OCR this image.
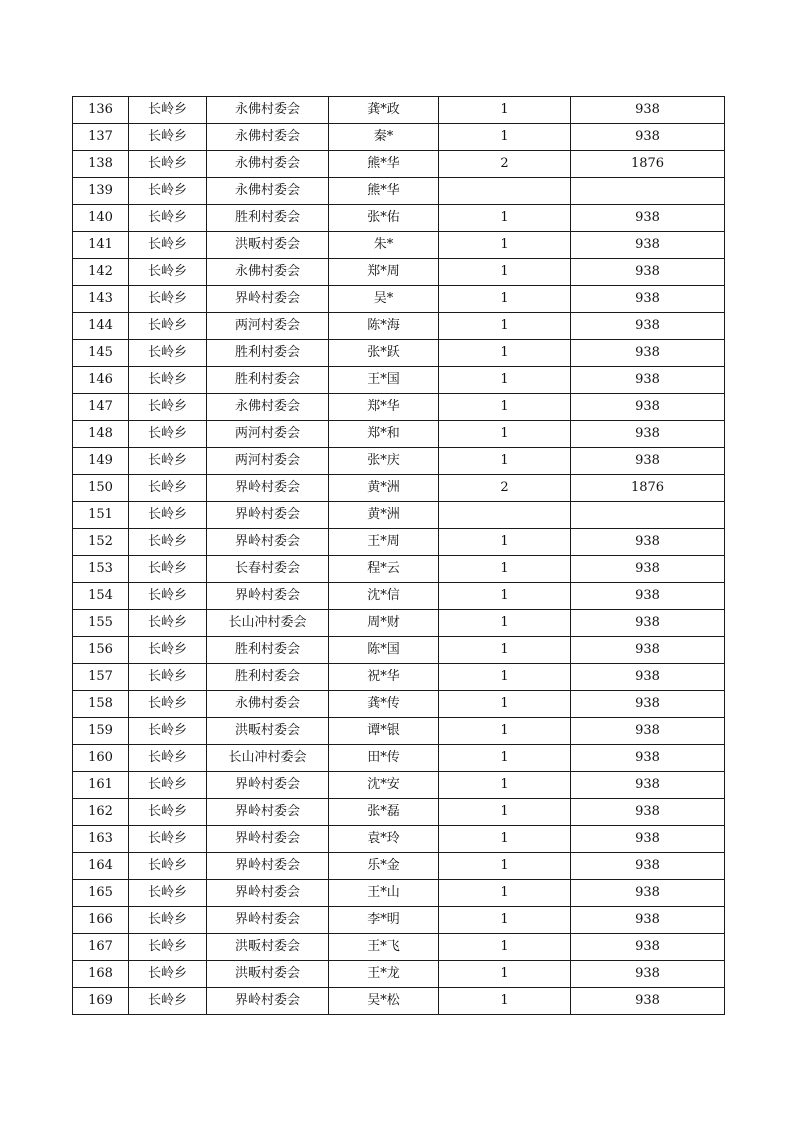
136	长岭乡	永佛村委会	龚*政	1	938
137	长岭乡	永佛村委会	秦*	1	938
138	长岭乡	永佛村委会	熊*华	2	1876
139	长岭乡	永佛村委会	熊*华		
140	长岭乡	胜利村委会	张*佑	1	938
141	长岭乡	洪畈村委会	朱*	1	938
142	长岭乡	永佛村委会	郑*周	1	938
143	长岭乡	界岭村委会	吴*	1	938
144	长岭乡	两河村委会	陈*海	1	938
145	长岭乡	胜利村委会	张*跃	1	938
146	长岭乡	胜利村委会	王*国	1	938
147	长岭乡	永佛村委会	郑*华	1	938
148	长岭乡	两河村委会	郑*和	1	938
149	长岭乡	两河村委会	张*庆	1	938
150	长岭乡	界岭村委会	黄*洲	2	1876
151	长岭乡	界岭村委会	黄*洲		
152	长岭乡	界岭村委会	王*周	1	938
153	长岭乡	长春村委会	程*云	1	938
154	长岭乡	界岭村委会	沈*信	1	938
155	长岭乡	长山冲村委会	周*财	1	938
156	长岭乡	胜利村委会	陈*国	1	938
157	长岭乡	胜利村委会	祝*华	1	938
158	长岭乡	永佛村委会	龚*传	1	938
159	长岭乡	洪畈村委会	谭*银	1	938
160	长岭乡	长山冲村委会	田*传	1	938
161	长岭乡	界岭村委会	沈*安	1	938
162	长岭乡	界岭村委会	张*磊	1	938
163	长岭乡	界岭村委会	袁*玲	1	938
164	长岭乡	界岭村委会	乐*金	1	938
165	长岭乡	界岭村委会	王*山	1	938
166	长岭乡	界岭村委会	李*明	1	938
167	长岭乡	洪畈村委会	王*飞	1	938
168	长岭乡	洪畈村委会	王*龙	1	938
169	长岭乡	界岭村委会	吴*松	1	938
